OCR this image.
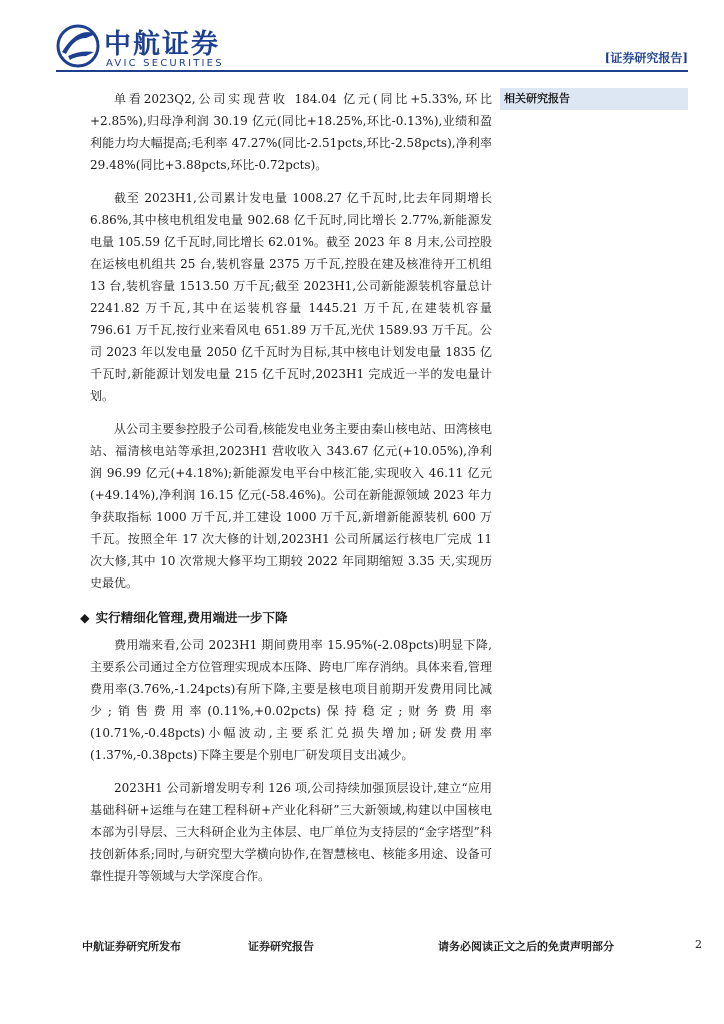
中航证券
AVIC SECURITIES	[证券研究报告]
相关研究报告

单看2023Q2,公司实现营收 184.04 亿元(同比+5.33%,环比+2.85%),归母净利润 30.19 亿元(同比+18.25%,环比-0.13%),业绩和盈利能力均大幅提高;毛利率 47.27%(同比-2.51pcts,环比-2.58pcts),净利率 29.48%(同比+3.88pcts,环比-0.72pcts)。

截至 2023H1,公司累计发电量 1008.27 亿千瓦时,比去年同期增长 6.86%,其中核电机组发电量 902.68 亿千瓦时,同比增长 2.77%,新能源发电量 105.59 亿千瓦时,同比增长 62.01%。截至 2023 年 8 月末,公司控股在运核电机组共 25 台,装机容量 2375 万千瓦,控股在建及核准待开工机组 13 台,装机容量 1513.50 万千瓦;截至 2023H1,公司新能源装机容量总计 2241.82 万千瓦,其中在运装机容量 1445.21 万千瓦,在建装机容量 796.61 万千瓦,按行业来看风电 651.89 万千瓦,光伏 1589.93 万千瓦。公司 2023 年以发电量 2050 亿千瓦时为目标,其中核电计划发电量 1835 亿千瓦时,新能源计划发电量 215 亿千瓦时,2023H1 完成近一半的发电量计划。

从公司主要参控股子公司看,核能发电业务主要由秦山核电站、田湾核电站、福清核电站等承担,2023H1 营收收入 343.67 亿元(+10.05%),净利润 96.99 亿元(+4.18%);新能源发电平台中核汇能,实现收入 46.11 亿元(+49.14%),净利润 16.15 亿元(-58.46%)。公司在新能源领域 2023 年力争获取指标 1000 万千瓦,并工建设 1000 万千瓦,新增新能源装机 600 万千瓦。按照全年 17 次大修的计划,2023H1 公司所属运行核电厂完成 11 次大修,其中 10 次常规大修平均工期较 2022 年同期缩短 3.35 天,实现历史最优。

◆ 实行精细化管理,费用端进一步下降

费用端来看,公司 2023H1 期间费用率 15.95%(-2.08pcts)明显下降,主要系公司通过全方位管理实现成本压降、跨电厂库存消纳。具体来看,管理费用率(3.76%,-1.24pcts)有所下降,主要是核电项目前期开发费用同比减少;销售费用率(0.11%,+0.02pcts)保持稳定;财务费用率(10.71%,-0.48pcts)小幅波动,主要系汇兑损失增加;研发费用率(1.37%,-0.38pcts)下降主要是个别电厂研发项目支出减少。

2023H1 公司新增发明专利 126 项,公司持续加强顶层设计,建立“应用基础科研+运维与在建工程科研+产业化科研”三大新领域,构建以中国核电本部为引导层、三大科研企业为主体层、电厂单位为支持层的“金字塔型”科技创新体系;同时,与研究型大学横向协作,在智慧核电、核能多用途、设备可靠性提升等领域与大学深度合作。

中航证券研究所发布	证券研究报告	请务必阅读正文之后的免责声明部分	2
